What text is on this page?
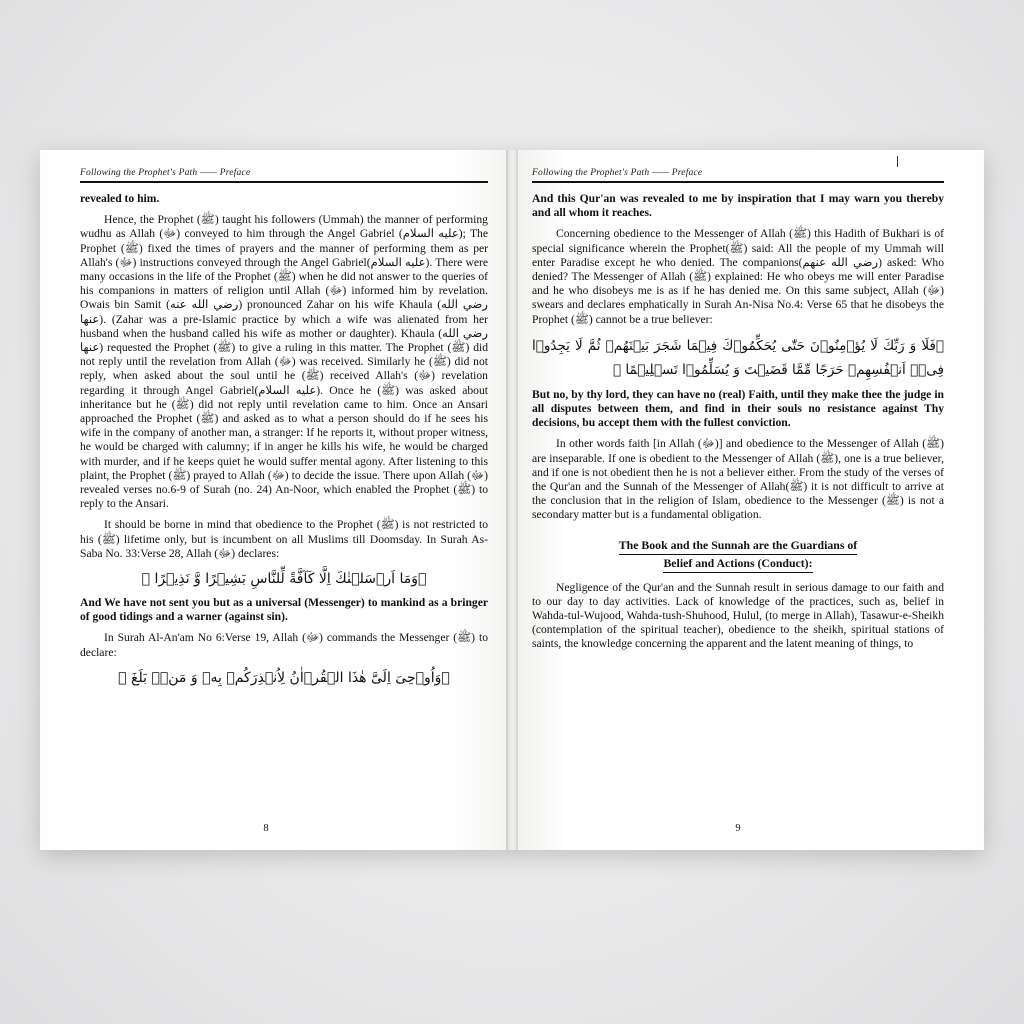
Following the Prophet's Path —— Preface

revealed to him.

Hence, the Prophet (ﷺ) taught his followers (Ummah) the manner of performing wudhu as Allah (ﷻ) conveyed to him through the Angel Gabriel (عليه السلام); The Prophet (ﷺ) fixed the times of prayers and the manner of performing them as per Allah's (ﷻ) instructions conveyed through the Angel Gabriel(عليه السلام). There were many occasions in the life of the Prophet (ﷺ) when he did not answer to the queries of his companions in matters of religion until Allah (ﷻ) informed him by revelation. Owais bin Samit (رضي الله عنه) pronounced Zahar on his wife Khaula (رضي الله عنها). (Zahar was a pre-Islamic practice by which a wife was alienated from her husband when the husband called his wife as mother or daughter). Khaula (رضي الله عنها) requested the Prophet (ﷺ) to give a ruling in this matter. The Prophet (ﷺ) did not reply until the revelation from Allah (ﷻ) was received. Similarly he (ﷺ) did not reply, when asked about the soul until he (ﷺ) received Allah's (ﷻ) revelation regarding it through Angel Gabriel(عليه السلام). Once he (ﷺ) was asked about inheritance but he (ﷺ) did not reply until revelation came to him. Once an Ansari approached the Prophet (ﷺ) and asked as to what a person should do if he sees his wife in the company of another man, a stranger: If he reports it, without proper witness, he would be charged with calumny; if in anger he kills his wife, he would be charged with murder, and if he keeps quiet he would suffer mental agony. After listening to this plaint, the Prophet (ﷺ) prayed to Allah (ﷻ) to decide the issue. There upon Allah (ﷻ) revealed verses no.6-9 of Surah (no. 24) An-Noor, which enabled the Prophet (ﷺ) to reply to the Ansari.

It should be borne in mind that obedience to the Prophet (ﷺ) is not restricted to his (ﷺ) lifetime only, but is incumbent on all Muslims till Doomsday. In Surah As-Saba No. 33:Verse 28, Allah (ﷻ) declares:

﴿وَمَا اَرۡسَلۡنٰكَ اِلَّا كَآفَّةً لِّلنَّاسِ بَشِيۡرًا وَّ نَذِيۡرًا ﴾

And We have not sent you but as a universal (Messenger) to mankind as a bringer of good tidings and a warner (against sin).

In Surah Al-An'am No 6:Verse 19, Allah (ﷻ) commands the Messenger (ﷺ) to declare:

﴿وَاُوۡحِىَ اِلَىَّ هٰذَا الۡقُرۡاٰنُ لِاُنۡذِرَكُمۡ بِهٖ وَ مَنۡۢ بَلَغَ ﴾
8
Following the Prophet's Path —— Preface

And this Qur'an was revealed to me by inspiration that I may warn you thereby and all whom it reaches.

Concerning obedience to the Messenger of Allah (ﷺ) this Hadith of Bukhari is of special significance wherein the Prophet(ﷺ) said: All the people of my Ummah will enter Paradise except he who denied. The companions(رضي الله عنهم) asked: Who denied? The Messenger of Allah (ﷺ) explained: He who obeys me will enter Paradise and he who disobeys me is as if he has denied me. On this same subject, Allah (ﷻ) swears and declares emphatically in Surah An-Nisa No.4: Verse 65 that he disobeys the Prophet (ﷺ) cannot be a true believer:

﴿فَلَا وَ رَبِّكَ لَا يُؤۡمِنُوۡنَ حَتّٰى يُحَكِّمُوۡكَ فِيۡمَا شَجَرَ بَيۡنَهُمۡ ثُمَّ لَا يَجِدُوۡا فِىۡۤ اَنۡفُسِهِمۡ حَرَجًا مِّمَّا قَضَيۡتَ وَ يُسَلِّمُوۡا تَسۡلِيۡمًا ﴾

But no, by thy lord, they can have no (real) Faith, until they make thee the judge in all disputes between them, and find in their souls no resistance against Thy decisions, bu accept them with the fullest conviction.

In other words faith [in Allah (ﷻ)] and obedience to the Messenger of Allah (ﷺ) are inseparable. If one is obedient to the Messenger of Allah (ﷺ), one is a true believer, and if one is not obedient then he is not a believer either. From the study of the verses of the Qur'an and the Sunnah of the Messenger of Allah(ﷺ) it is not difficult to arrive at the conclusion that in the religion of Islam, obedience to the Messenger (ﷺ) is not a secondary matter but is a fundamental obligation.

The Book and the Sunnah are the Guardians of
Belief and Actions (Conduct):

Negligence of the Qur'an and the Sunnah result in serious damage to our faith and to our day to day activities. Lack of knowledge of the practices, such as, belief in Wahda-tul-Wujood, Wahda-tush-Shuhood, Hulul, (to merge in Allah), Tasawur-e-Sheikh (contemplation of the spiritual teacher), obedience to the sheikh, spiritual stations of saints, the knowledge concerning the apparent and the latent meaning of things, to

9
